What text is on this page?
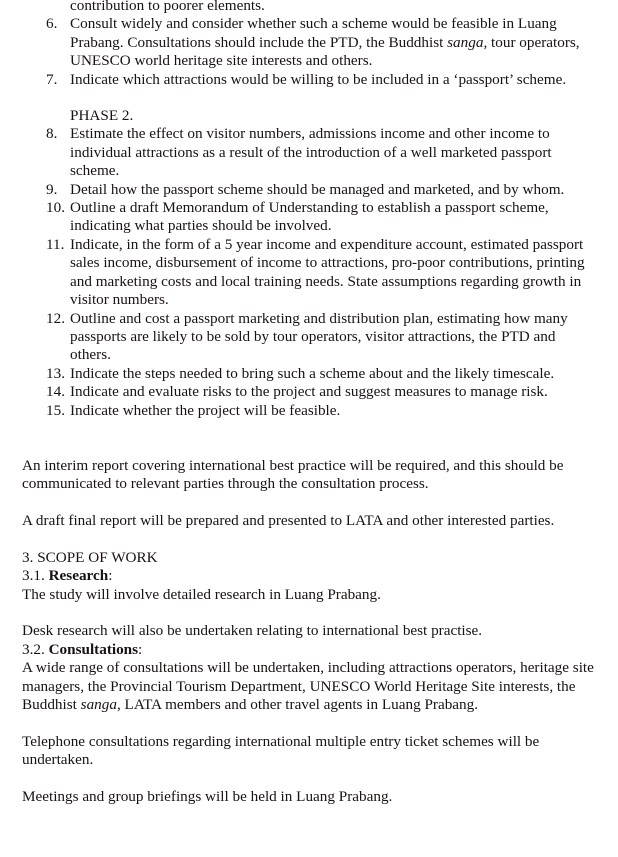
contribution to poorer elements.
6. Consult widely and consider whether such a scheme would be feasible in Luang Prabang. Consultations should include the PTD, the Buddhist sanga, tour operators, UNESCO world heritage site interests and others.
7. Indicate which attractions would be willing to be included in a ‘passport’ scheme.
PHASE 2.
8. Estimate the effect on visitor numbers, admissions income and other income to individual attractions as a result of the introduction of a well marketed passport scheme.
9. Detail how the passport scheme should be managed and marketed, and by whom.
10. Outline a draft Memorandum of Understanding to establish a passport scheme, indicating what parties should be involved.
11. Indicate, in the form of a 5 year income and expenditure account, estimated passport sales income, disbursement of income to attractions, pro-poor contributions, printing and marketing costs and local training needs. State assumptions regarding growth in visitor numbers.
12. Outline and cost a passport marketing and distribution plan, estimating how many passports are likely to be sold by tour operators, visitor attractions, the PTD and others.
13. Indicate the steps needed to bring such a scheme about and the likely timescale.
14. Indicate and evaluate risks to the project and suggest measures to manage risk.
15. Indicate whether the project will be feasible.
An interim report covering international best practice will be required, and this should be communicated to relevant parties through the consultation process.
A draft final report will be prepared and presented to LATA and other interested parties.
3. SCOPE OF WORK
3.1. Research:
The study will involve detailed research in Luang Prabang.
Desk research will also be undertaken relating to international best practise.
3.2. Consultations:
A wide range of consultations will be undertaken, including attractions operators, heritage site managers, the Provincial Tourism Department, UNESCO World Heritage Site interests, the Buddhist sanga, LATA members and other travel agents in Luang Prabang.
Telephone consultations regarding international multiple entry ticket schemes will be undertaken.
Meetings and group briefings will be held in Luang Prabang.
